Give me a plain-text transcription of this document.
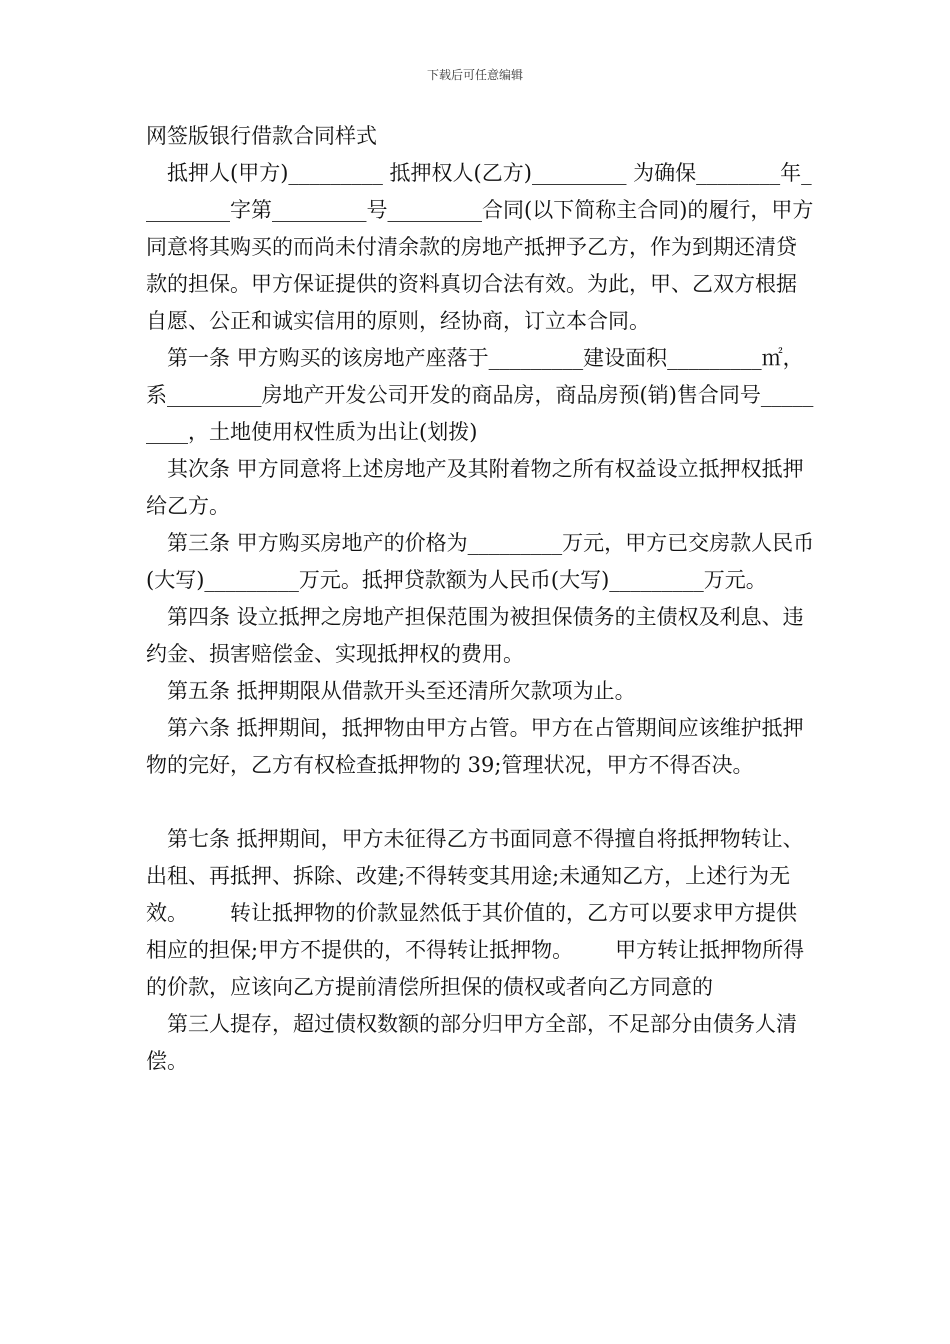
下载后可任意编辑
网签版银行借款合同样式

抵押人(甲方)_________ 抵押权人(乙方)_________ 为确保________年_________字第_________号_________合同(以下简称主合同)的履行，甲方同意将其购买的而尚未付清余款的房地产抵押予乙方，作为到期还清贷款的担保。甲方保证提供的资料真切合法有效。为此，甲、乙双方根据自愿、公正和诚实信用的原则，经协商，订立本合同。

第一条 甲方购买的该房地产座落于_________建设面积_________㎡，系_________房地产开发公司开发的商品房，商品房预(销)售合同号_________，土地使用权性质为出让(划拨)

其次条 甲方同意将上述房地产及其附着物之所有权益设立抵押权抵押给乙方。

第三条 甲方购买房地产的价格为_________万元，甲方已交房款人民币(大写)_________万元。抵押贷款额为人民币(大写)_________万元。

第四条 设立抵押之房地产担保范围为被担保债务的主债权及利息、违约金、损害赔偿金、实现抵押权的费用。

第五条 抵押期限从借款开头至还清所欠款项为止。

第六条 抵押期间，抵押物由甲方占管。甲方在占管期间应该维护抵押物的完好，乙方有权检查抵押物的 39;管理状况，甲方不得否决。

第七条 抵押期间，甲方未征得乙方书面同意不得擅自将抵押物转让、出租、再抵押、拆除、改建;不得转变其用途;未通知乙方，上述行为无效。 转让抵押物的价款显然低于其价值的，乙方可以要求甲方提供相应的担保;甲方不提供的，不得转让抵押物。 甲方转让抵押物所得的价款，应该向乙方提前清偿所担保的债权或者向乙方同意的

第三人提存，超过债权数额的部分归甲方全部，不足部分由债务人清偿。
